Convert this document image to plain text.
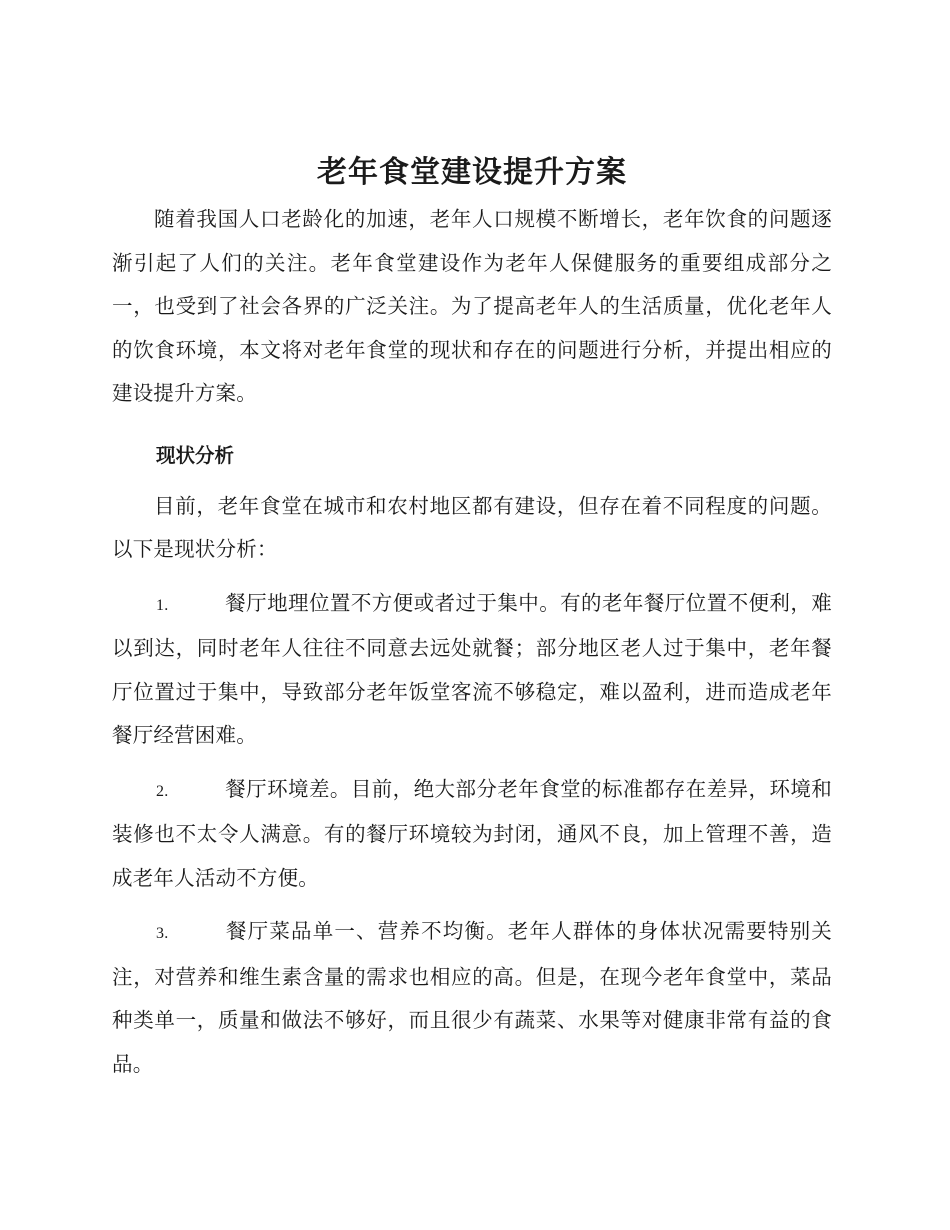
老年食堂建设提升方案

随着我国人口老龄化的加速，老年人口规模不断增长，老年饮食的问题逐渐引起了人们的关注。老年食堂建设作为老年人保健服务的重要组成部分之一，也受到了社会各界的广泛关注。为了提高老年人的生活质量，优化老年人的饮食环境，本文将对老年食堂的现状和存在的问题进行分析，并提出相应的建设提升方案。

现状分析

目前，老年食堂在城市和农村地区都有建设，但存在着不同程度的问题。以下是现状分析：

1.	餐厅地理位置不方便或者过于集中。有的老年餐厅位置不便利，难以到达，同时老年人往往不同意去远处就餐；部分地区老人过于集中，老年餐厅位置过于集中，导致部分老年饭堂客流不够稳定，难以盈利，进而造成老年餐厅经营困难。

2.	餐厅环境差。目前，绝大部分老年食堂的标准都存在差异，环境和装修也不太令人满意。有的餐厅环境较为封闭，通风不良，加上管理不善，造成老年人活动不方便。

3.	餐厅菜品单一、营养不均衡。老年人群体的身体状况需要特别关注，对营养和维生素含量的需求也相应的高。但是，在现今老年食堂中，菜品种类单一，质量和做法不够好，而且很少有蔬菜、水果等对健康非常有益的食品。
